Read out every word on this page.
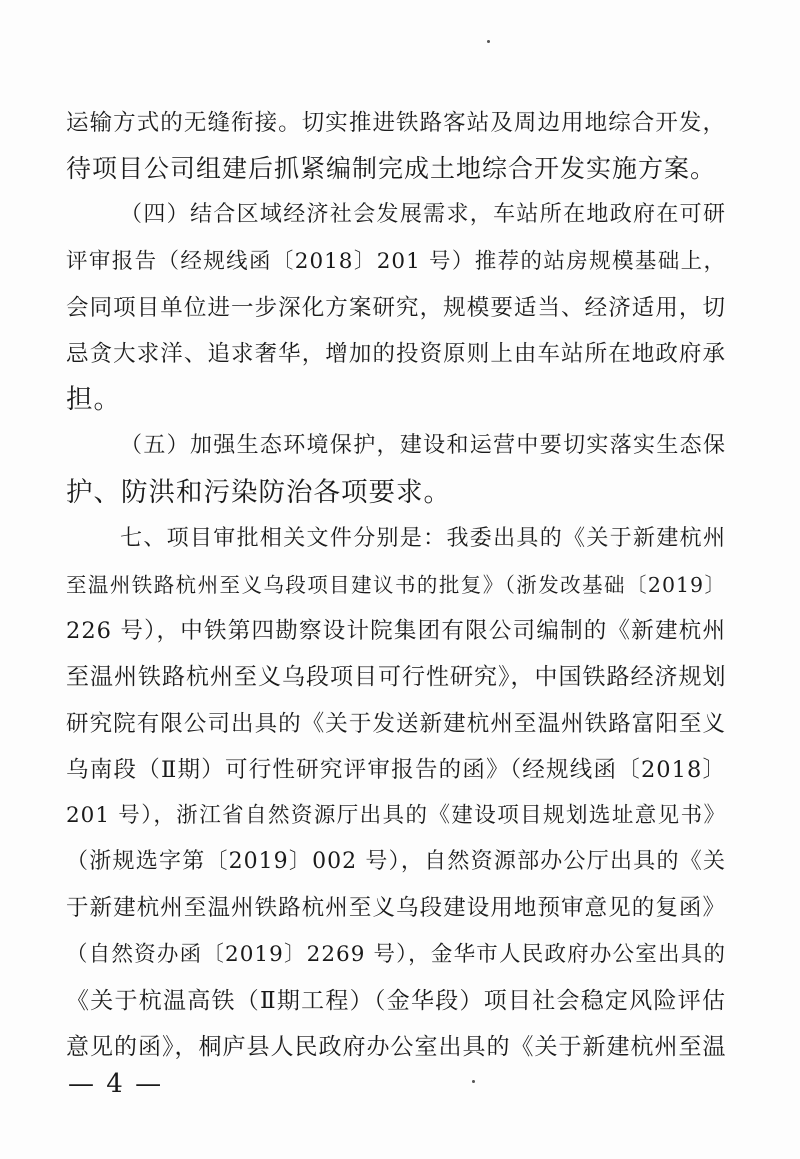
运输方式的无缝衔接。切实推进铁路客站及周边用地综合开发，
待项目公司组建后抓紧编制完成土地综合开发实施方案。
（四）结合区域经济社会发展需求，车站所在地政府在可研
评审报告（经规线函〔2018〕201 号）推荐的站房规模基础上，
会同项目单位进一步深化方案研究，规模要适当、经济适用，切
忌贪大求洋、追求奢华，增加的投资原则上由车站所在地政府承
担。
（五）加强生态环境保护，建设和运营中要切实落实生态保
护、防洪和污染防治各项要求。
七、项目审批相关文件分别是：我委出具的《关于新建杭州
至温州铁路杭州至义乌段项目建议书的批复》（浙发改基础〔2019〕
226 号），中铁第四勘察设计院集团有限公司编制的《新建杭州
至温州铁路杭州至义乌段项目可行性研究》，中国铁路经济规划
研究院有限公司出具的《关于发送新建杭州至温州铁路富阳至义
乌南段（Ⅱ期）可行性研究评审报告的函》（经规线函〔2018〕
201 号），浙江省自然资源厅出具的《建设项目规划选址意见书》
（浙规选字第〔2019〕002 号），自然资源部办公厅出具的《关
于新建杭州至温州铁路杭州至义乌段建设用地预审意见的复函》
（自然资办函〔2019〕2269 号），金华市人民政府办公室出具的
《关于杭温高铁（Ⅱ期工程）（金华段）项目社会稳定风险评估
意见的函》，桐庐县人民政府办公室出具的《关于新建杭州至温
— 4 —
